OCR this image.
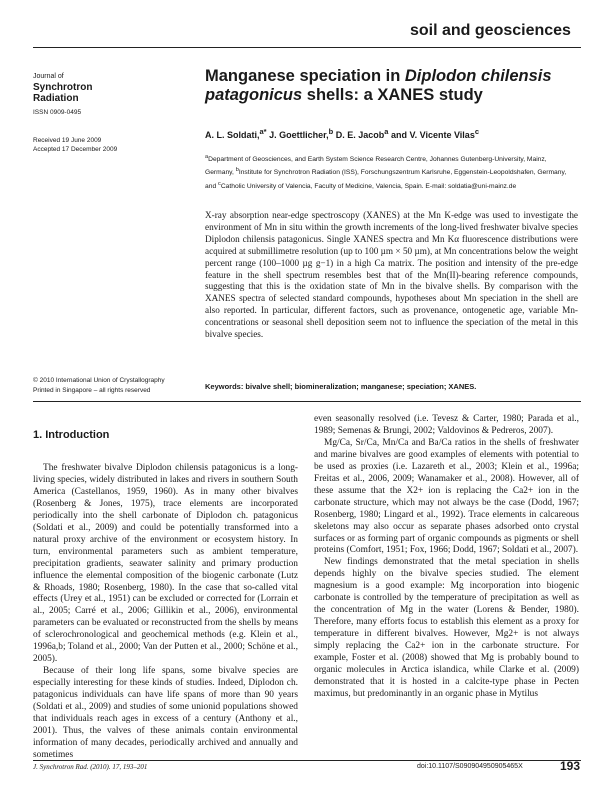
soil and geosciences
Journal of
Synchrotron
Radiation
ISSN 0909-0495
Received 19 June 2009
Accepted 17 December 2009
Manganese speciation in Diplodon chilensis patagonicus shells: a XANES study
A. L. Soldati,$^{a*}$ J. Goettlicher,$^b$ D. E. Jacob$^a$ and V. Vicente Vilas$^c$
$^a$Department of Geosciences, and Earth System Science Research Centre, Johannes Gutenberg-University, Mainz, Germany, $^b$Institute for Synchrotron Radiation (ISS), Forschungszentrum Karlsruhe, Eggenstein-Leopoldshafen, Germany, and $^c$Catholic University of Valencia, Faculty of Medicine, Valencia, Spain. E-mail: soldatia@uni-mainz.de
X-ray absorption near-edge spectroscopy (XANES) at the Mn K-edge was used to investigate the environment of Mn in situ within the growth increments of the long-lived freshwater bivalve species Diplodon chilensis patagonicus. Single XANES spectra and Mn Kα fluorescence distributions were acquired at submillimetre resolution (up to 100 µm × 50 µm), at Mn concentrations below the weight percent range (100–1000 µg g−1) in a high Ca matrix. The position and intensity of the pre-edge feature in the shell spectrum resembles best that of the Mn(II)-bearing reference compounds, suggesting that this is the oxidation state of Mn in the bivalve shells. By comparison with the XANES spectra of selected standard compounds, hypotheses about Mn speciation in the shell are also reported. In particular, different factors, such as provenance, ontogenetic age, variable Mn-concentrations or seasonal shell deposition seem not to influence the speciation of the metal in this bivalve species.
© 2010 International Union of Crystallography
Printed in Singapore – all rights reserved	Keywords: bivalve shell; biomineralization; manganese; speciation; XANES.
1. Introduction

The freshwater bivalve Diplodon chilensis patagonicus is a long-living species, widely distributed in lakes and rivers in southern South America (Castellanos, 1959, 1960). As in many other bivalves (Rosenberg & Jones, 1975), trace elements are incorporated periodically into the shell carbonate of Diplodon ch. patagonicus (Soldati et al., 2009) and could be potentially transformed into a natural proxy archive of the environment or ecosystem history. In turn, environmental parameters such as ambient temperature, precipitation gradients, seawater salinity and primary production influence the elemental composition of the biogenic carbonate (Lutz & Rhoads, 1980; Rosenberg, 1980). In the case that so-called vital effects (Urey et al., 1951) can be excluded or corrected for (Lorrain et al., 2005; Carré et al., 2006; Gillikin et al., 2006), environmental parameters can be evaluated or reconstructed from the shells by means of sclerochronological and geochemical methods (e.g. Klein et al., 1996a,b; Toland et al., 2000; Van der Putten et al., 2000; Schöne et al., 2005).

Because of their long life spans, some bivalve species are especially interesting for these kinds of studies. Indeed, Diplodon ch. patagonicus individuals can have life spans of more than 90 years (Soldati et al., 2009) and studies of some unionid populations showed that individuals reach ages in excess of a century (Anthony et al., 2001). Thus, the valves of these animals contain environmental information of many decades, periodically archived and annually and sometimes

even seasonally resolved (i.e. Tevesz & Carter, 1980; Parada et al., 1989; Semenas & Brungi, 2002; Valdovinos & Pedreros, 2007).

Mg/Ca, Sr/Ca, Mn/Ca and Ba/Ca ratios in the shells of freshwater and marine bivalves are good examples of elements with potential to be used as proxies (i.e. Lazareth et al., 2003; Klein et al., 1996a; Freitas et al., 2006, 2009; Wanamaker et al., 2008). However, all of these assume that the X2+ ion is replacing the Ca2+ ion in the carbonate structure, which may not always be the case (Dodd, 1967; Rosenberg, 1980; Lingard et al., 1992). Trace elements in calcareous skeletons may also occur as separate phases adsorbed onto crystal surfaces or as forming part of organic compounds as pigments or shell proteins (Comfort, 1951; Fox, 1966; Dodd, 1967; Soldati et al., 2007).

New findings demonstrated that the metal speciation in shells depends highly on the bivalve species studied. The element magnesium is a good example: Mg incorporation into biogenic carbonate is controlled by the temperature of precipitation as well as the concentration of Mg in the water (Lorens & Bender, 1980). Therefore, many efforts focus to establish this element as a proxy for temperature in different bivalves. However, Mg2+ is not always simply replacing the Ca2+ ion in the carbonate structure. For example, Foster et al. (2008) showed that Mg is probably bound to organic molecules in Arctica islandica, while Clarke et al. (2009) demonstrated that it is hosted in a calcite-type phase in Pecten maximus, but predominantly in an organic phase in Mytilus

J. Synchrotron Rad. (2010). 17, 193–201	doi:10.1107/S090904950905465X	193
